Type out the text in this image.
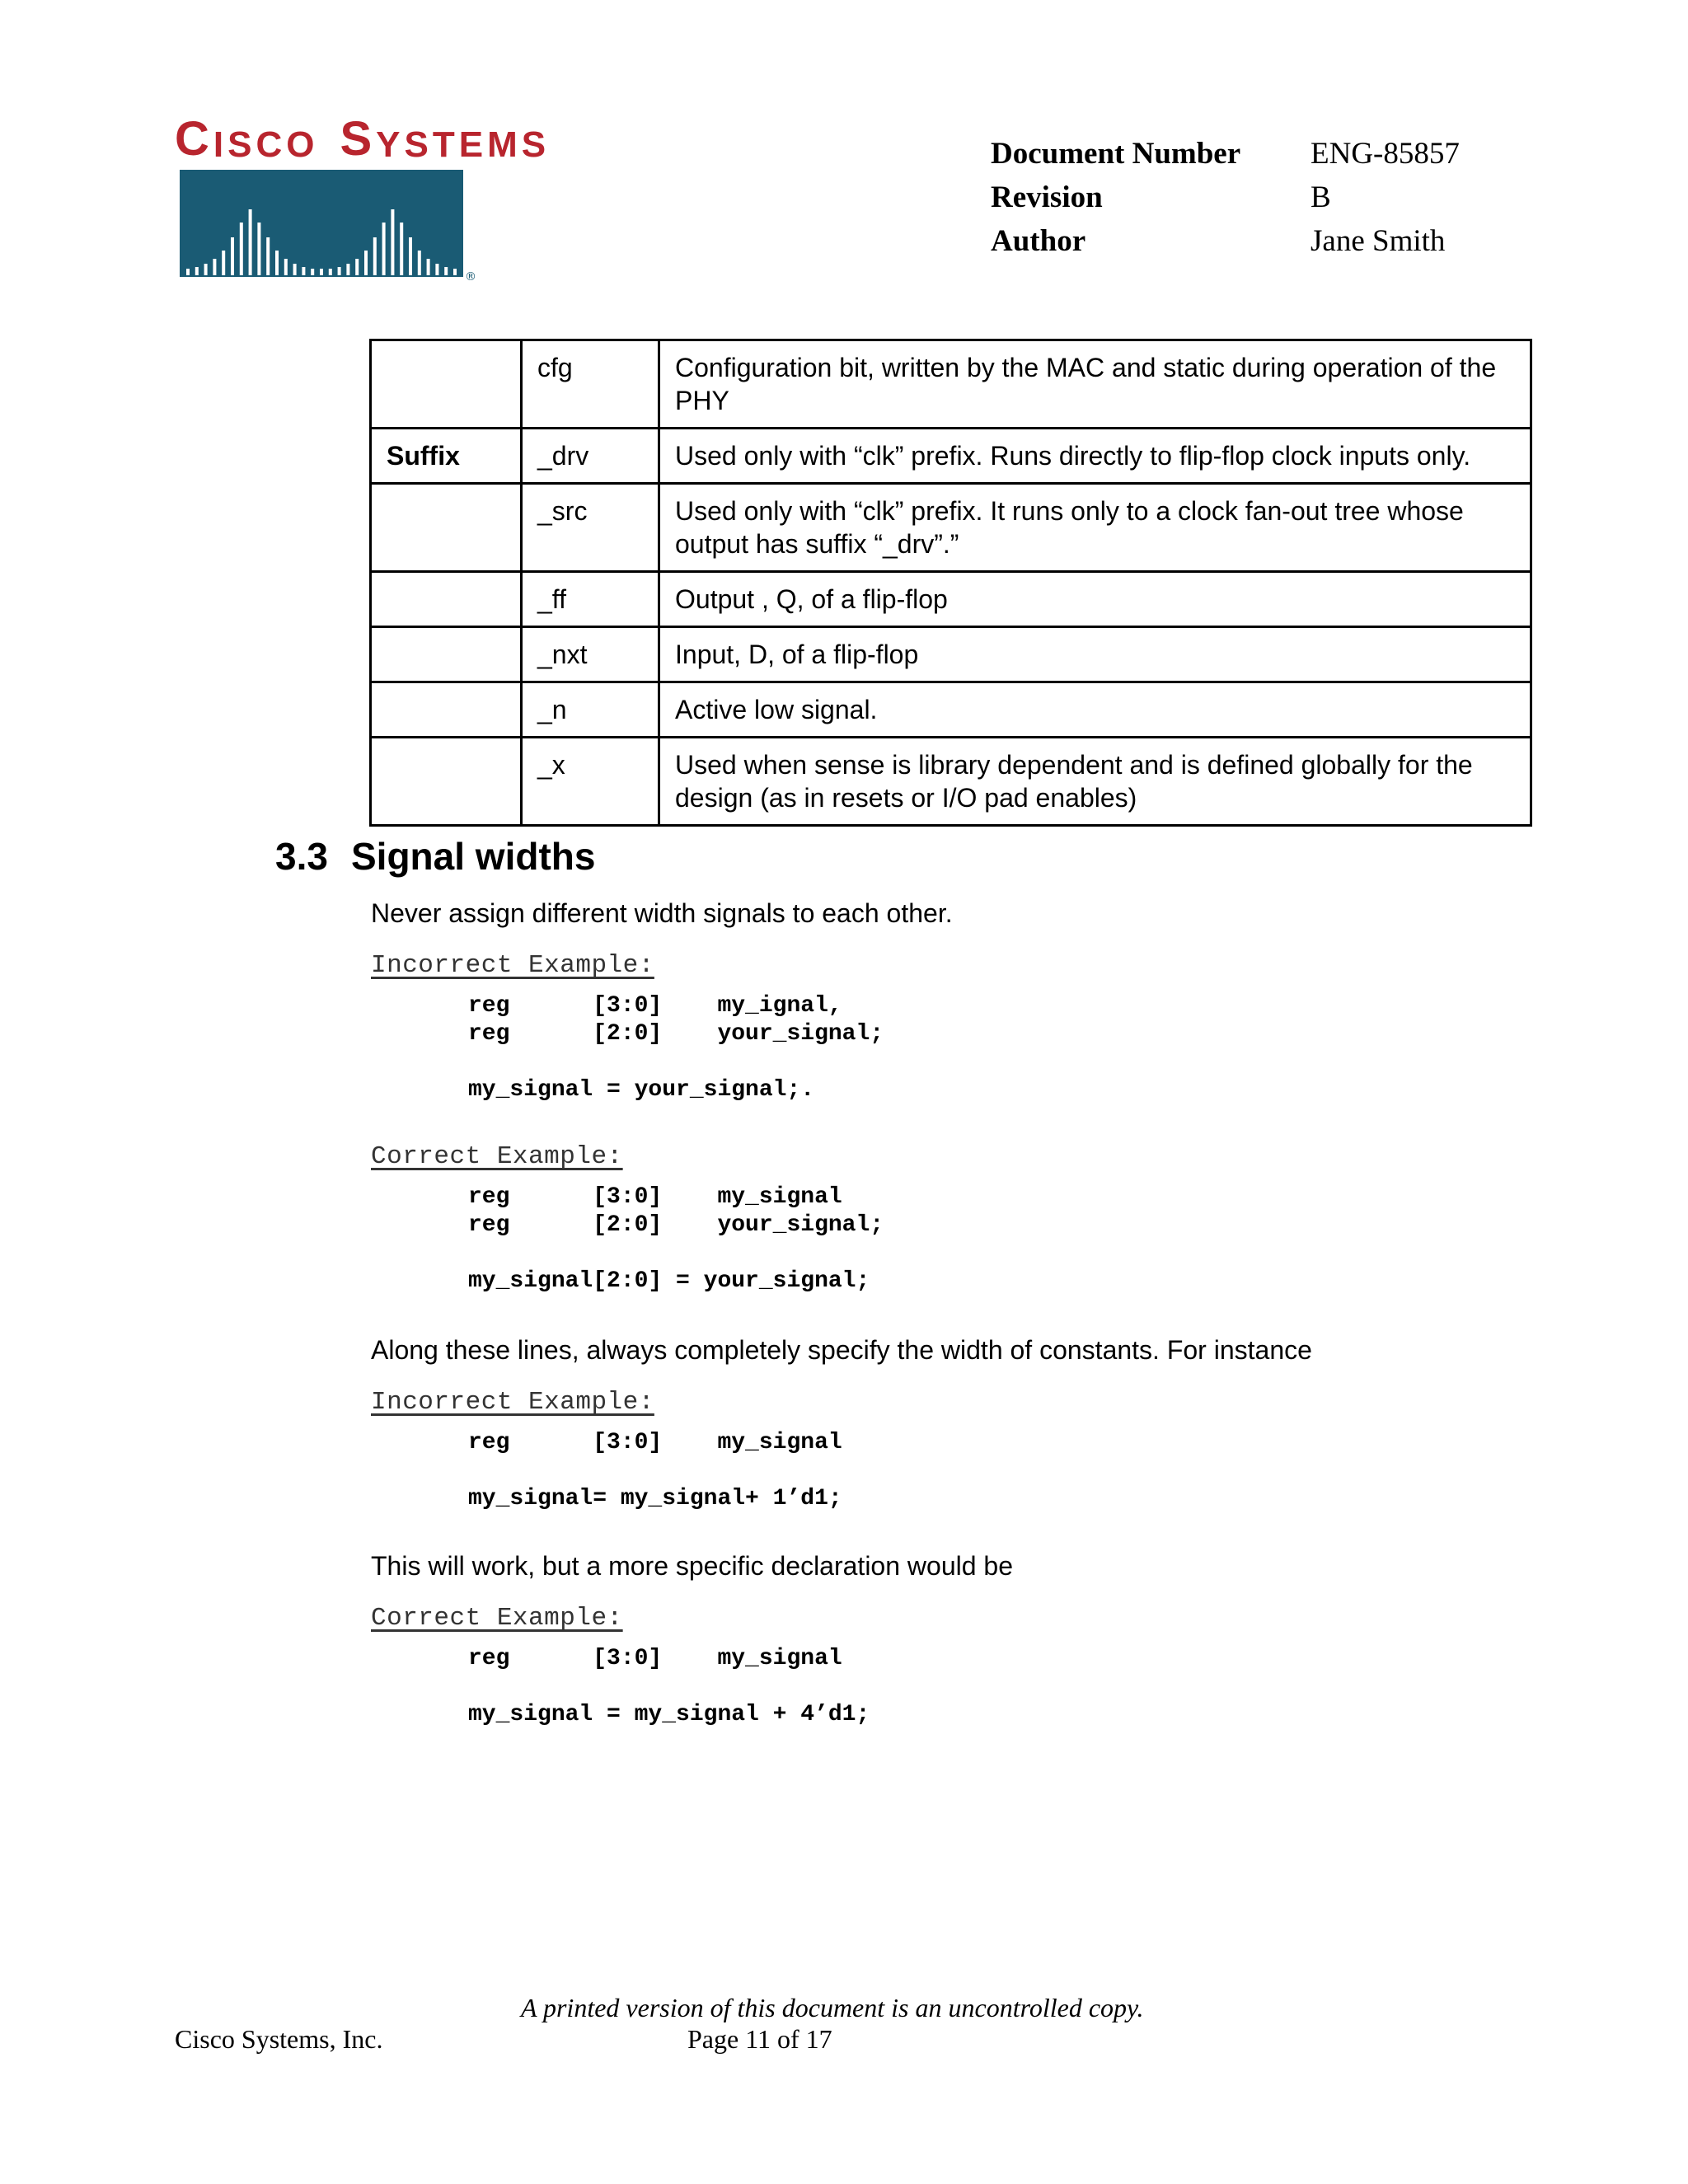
C ISCO S YSTEMS
®
Document Number	ENG-85857
Revision	B
Author	Jane Smith
	cfg	Configuration bit, written by the MAC and static during operation of the PHY
Suffix	_drv	Used only with “clk” prefix. Runs directly to flip-flop clock inputs only.
	_src	Used only with “clk” prefix. It runs only to a clock fan-out tree whose output has suffix “_drv”.”
	_ff	Output , Q, of a flip-flop
	_nxt	Input, D, of a flip-flop
	_n	Active low signal.
	_x	Used when sense is library dependent and is defined globally for the design (as in resets or I/O pad enables)
3.3 Signal widths
Never assign different width signals to each other.
Incorrect Example:
reg      [3:0]    my_ignal,
reg      [2:0]    your_signal;

my_signal = your_signal;.
Correct Example:
reg      [3:0]    my_signal
reg      [2:0]    your_signal;

my_signal[2:0] = your_signal;
Along these lines, always completely specify the width of constants. For instance
Incorrect Example:
reg      [3:0]    my_signal

my_signal= my_signal+ 1’d1;
This will work, but a more specific declaration would be
Correct Example:
reg      [3:0]    my_signal

my_signal = my_signal + 4’d1;
A printed version of this document is an uncontrolled copy.
Cisco Systems, Inc.	Page 11 of 17
